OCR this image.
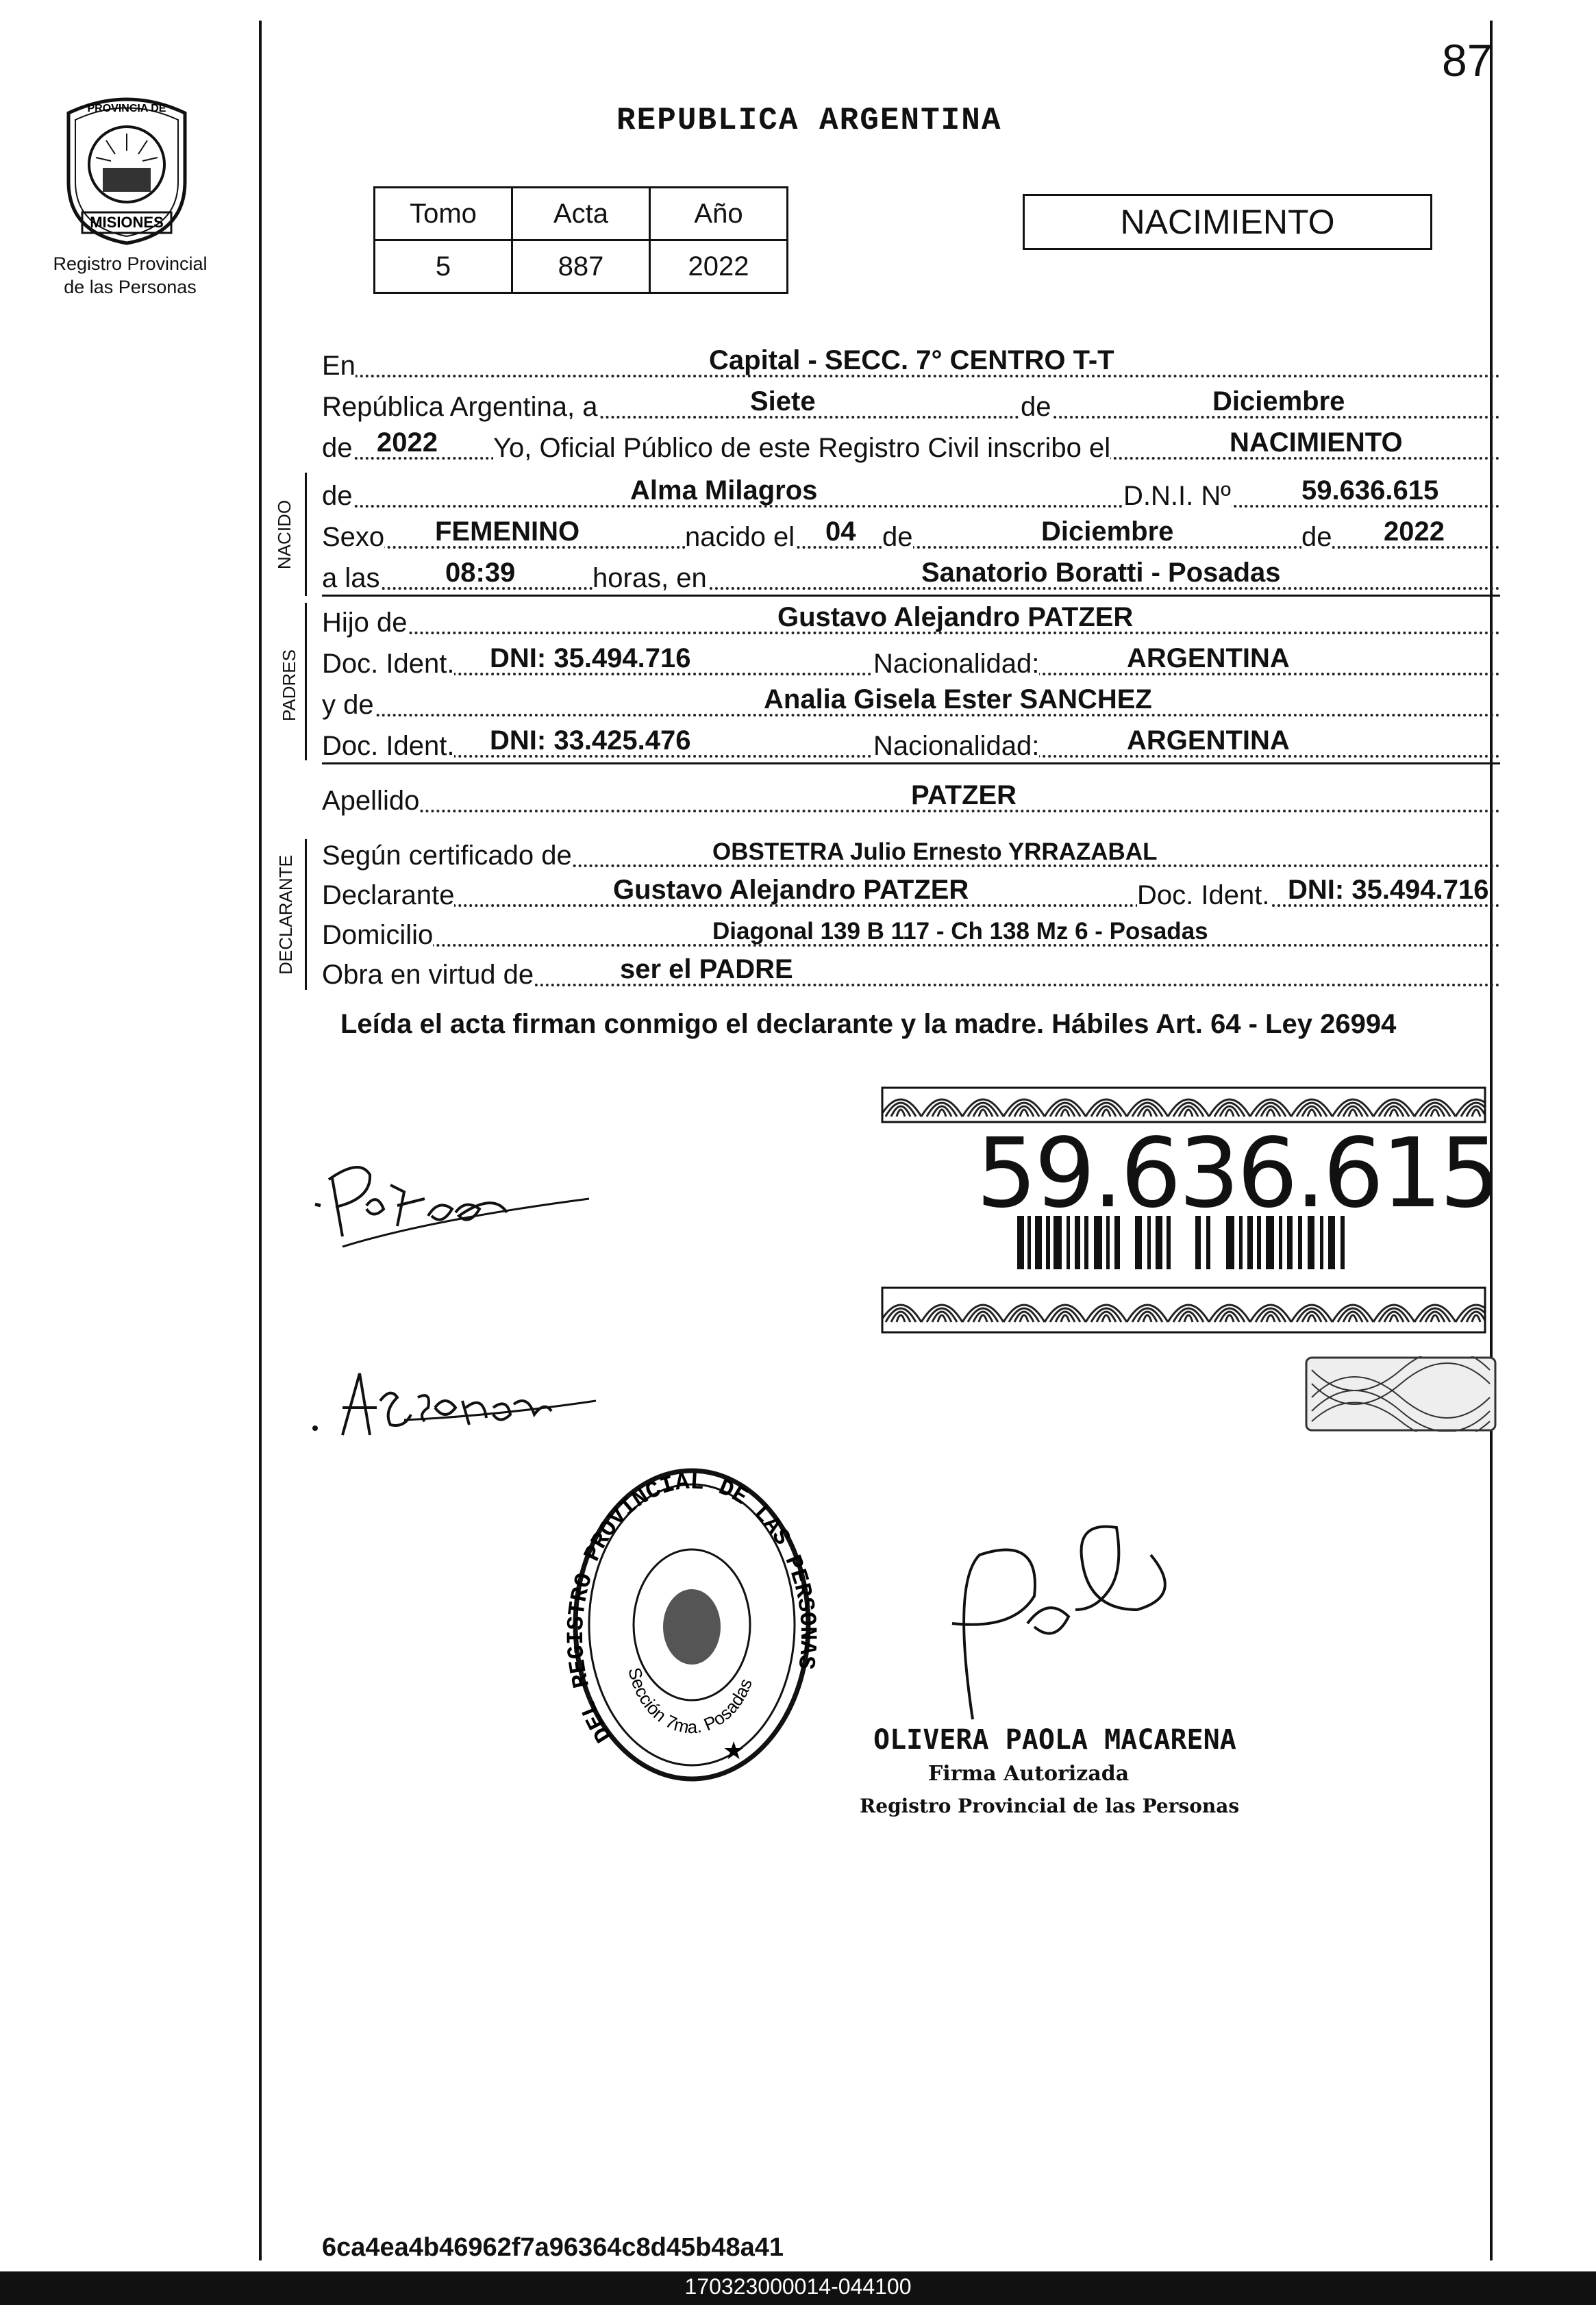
87
REPUBLICA ARGENTINA
MISIONES
PROVINCIA DE
Registro Provincial
de las Personas
Tomo	Acta	Año
5	887	2022
NACIMIENTO
En	Capital - SECC. 7° CENTRO T-T
República Argentina, a	Siete	de	Diciembre
de 2022 Yo, Oficial Público de este Registro Civil inscribo el	NACIMIENTO
NACIDO
de	Alma Milagros	D.N.I. Nº	59.636.615
Sexo FEMENINO	nacido el 04 de	Diciembre	de 2022
a las 08:39	horas, en	Sanatorio Boratti - Posadas
PADRES
Hijo de	Gustavo Alejandro PATZER
Doc. Ident. DNI: 35.494.716	Nacionalidad:	ARGENTINA
y de	Analia Gisela Ester SANCHEZ
Doc. Ident. DNI: 33.425.476	Nacionalidad:	ARGENTINA
Apellido	PATZER
DECLARANTE Según certificado de	OBSTETRA Julio Ernesto YRRAZABAL
Declarante	Gustavo Alejandro PATZER	Doc. Ident. DNI: 35.494.716
Domicilio	Diagonal 139 B 117 - Ch 138 Mz 6 - Posadas
Obra en virtud de	ser el PADRE
Leída el acta firman conmigo el declarante y la madre. Hábiles Art. 64 - Ley 26994
59.636.615
DEL REGISTRO PROVINCIAL DE LAS PERSONAS
Sección 7ma. Posadas
★	OLIVERA PAOLA MACARENA
Firma Autorizada
Registro Provincial de las Personas
6ca4ea4b46962f7a96364c8d45b48a41
170323000014-044100
